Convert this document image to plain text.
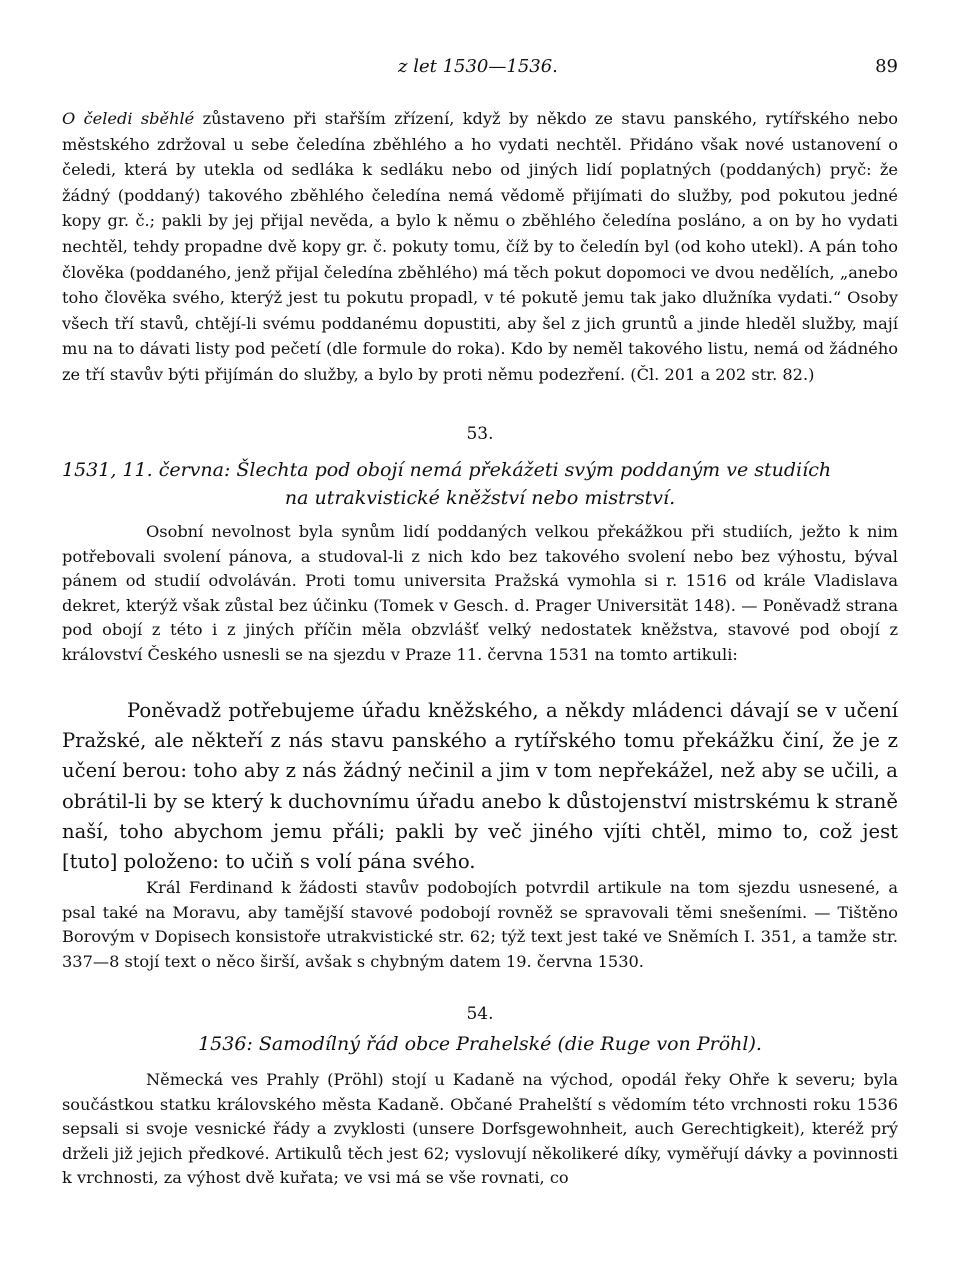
z let 1530—1536.	89

O čeledi sběhlé zůstaveno při stařším zřízení, když by někdo ze stavu panského, rytířského nebo městského zdržoval u sebe čeledína zběhlého a ho vydati nechtěl. Přidáno však nové ustanovení o čeledi, která by utekla od sedláka k sedláku nebo od jiných lidí poplatných (poddaných) pryč: že žádný (poddaný) takového zběhlého čeledína nemá vědomě přijímati do služby, pod pokutou jedné kopy gr. č.; pakli by jej přijal nevěda, a bylo k němu o zběhlého čeledína posláno, a on by ho vydati nechtěl, tehdy propadne dvě kopy gr. č. pokuty tomu, číž by to čeledín byl (od koho utekl). A pán toho člověka (poddaného, jenž přijal čeledína zběhlého) má těch pokut dopomoci ve dvou nedělích, „anebo toho člověka svého, kterýž jest tu pokutu propadl, v té pokutě jemu tak jako dlužníka vydati.“ Osoby všech tří stavů, chtějí-li svému poddanému dopustiti, aby šel z jich gruntů a jinde hleděl služby, mají mu na to dávati listy pod pečetí (dle formule do roka). Kdo by neměl takového listu, nemá od žádného ze tří stavův býti přijímán do služby, a bylo by proti němu podezření. (Čl. 201 a 202 str. 82.)

53.
1531, 11. června: Šlechta pod obojí nemá překážeti svým poddaným ve studiích
na utrakvistické kněžství nebo mistrství.

Osobní nevolnost byla synům lidí poddaných velkou překážkou při studiích, ježto k nim potřebovali svolení pánova, a studoval-li z nich kdo bez takového svolení nebo bez výhostu, býval pánem od studií odvoláván. Proti tomu universita Pražská vymohla si r. 1516 od krále Vladislava dekret, kterýž však zůstal bez účinku (Tomek v Gesch. d. Prager Universität 148). — Poněvadž strana pod obojí z této i z jiných příčin měla obzvlášť velký nedostatek kněžstva, stavové pod obojí z království Českého usnesli se na sjezdu v Praze 11. června 1531 na tomto artikuli:

Poněvadž potřebujeme úřadu kněžského, a někdy mládenci dávají se v učení Pražské, ale někteří z nás stavu panského a rytířského tomu překážku činí, že je z učení berou: toho aby z nás žádný nečinil a jim v tom nepřekážel, než aby se učili, a obrátil-li by se který k duchovnímu úřadu anebo k důstojenství mistrskému k straně naší, toho abychom jemu přáli; pakli by več jiného vjíti chtěl, mimo to, což jest [tuto] položeno: to učiň s volí pána svého.

Král Ferdinand k žádosti stavův podobojích potvrdil artikule na tom sjezdu usnesené, a psal také na Moravu, aby tamější stavové podobojí rovněž se spravovali těmi snešeními. — Tištěno Borovým v Dopisech konsistoře utrakvistické str. 62; týž text jest také ve Sněmích I. 351, a tamže str. 337—8 stojí text o něco širší, avšak s chybným datem 19. června 1530.

54.
1536: Samodílný řád obce Prahelské (die Ruge von Pröhl).

Německá ves Prahly (Pröhl) stojí u Kadaně na východ, opodál řeky Ohře k severu; byla součástkou statku královského města Kadaně. Občané Prahelští s vědomím této vrchnosti roku 1536 sepsali si svoje vesnické řády a zvyklosti (unsere Dorfsgewohnheit, auch Gerechtigkeit), kteréž prý drželi již jejich předkové. Artikulů těch jest 62; vyslovují několikeré díky, vyměřují dávky a povinnosti k vrchnosti, za výhost dvě kuřata; ve vsi má se vše rovnati, co
